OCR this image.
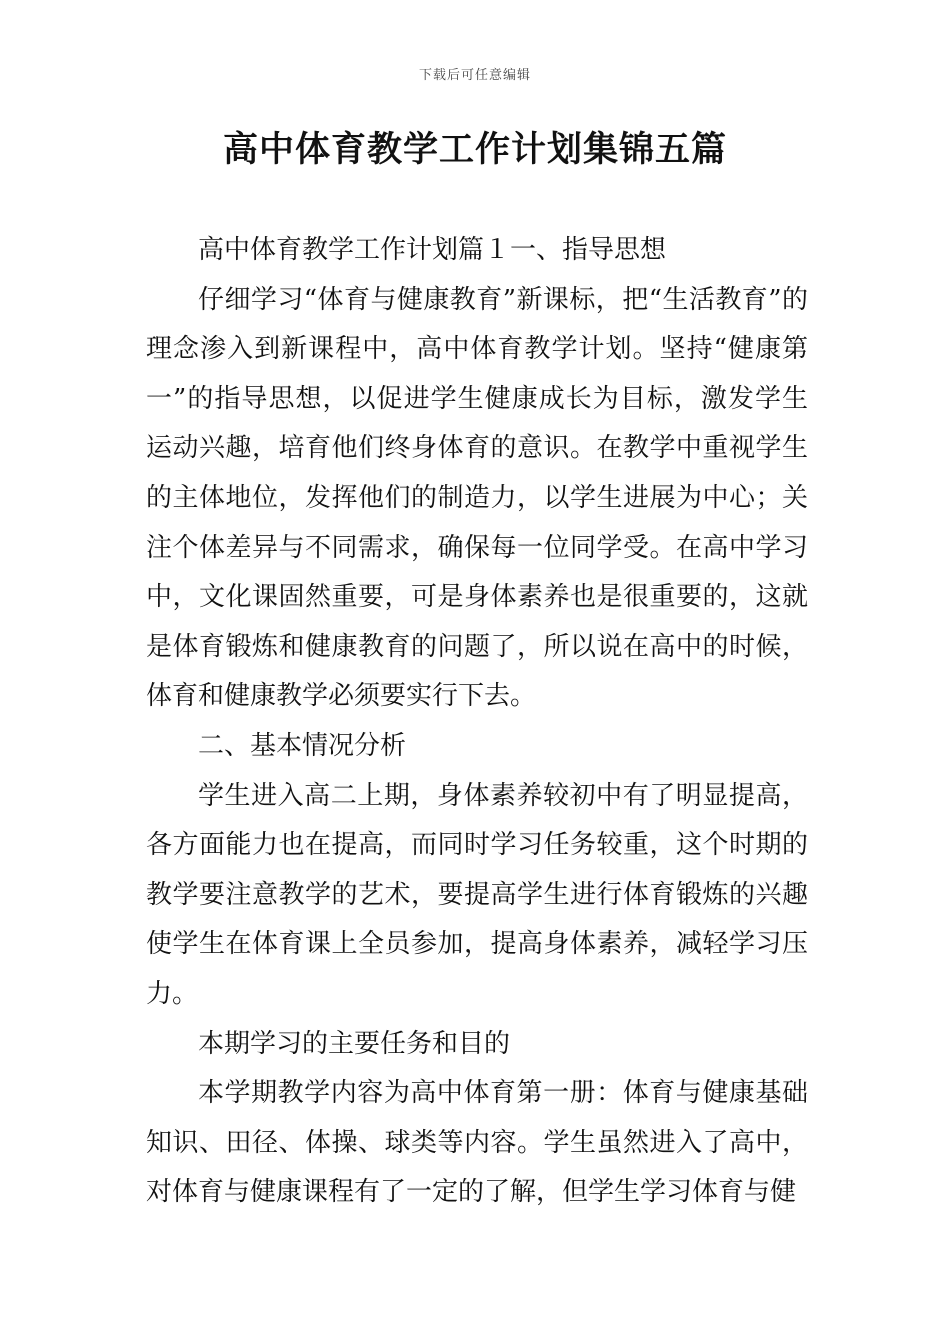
下载后可任意编辑
高中体育教学工作计划集锦五篇

高中体育教学工作计划篇１一、指导思想

仔细学习“体育与健康教育”新课标，把“生活教育”的理念渗入到新课程中，高中体育教学计划。坚持“健康第一”的指导思想，以促进学生健康成长为目标，激发学生运动兴趣，培育他们终身体育的意识。在教学中重视学生的主体地位，发挥他们的制造力，以学生进展为中心；关注个体差异与不同需求，确保每一位同学受。在高中学习中，文化课固然重要，可是身体素养也是很重要的，这就是体育锻炼和健康教育的问题了，所以说在高中的时候，体育和健康教学必须要实行下去。

二、基本情况分析

学生进入高二上期，身体素养较初中有了明显提高，各方面能力也在提高，而同时学习任务较重，这个时期的教学要注意教学的艺术，要提高学生进行体育锻炼的兴趣使学生在体育课上全员参加，提高身体素养，减轻学习压力。

本期学习的主要任务和目的

本学期教学内容为高中体育第一册：体育与健康基础知识、田径、体操、球类等内容。学生虽然进入了高中，对体育与健康课程有了一定的了解，但学生学习体育与健
